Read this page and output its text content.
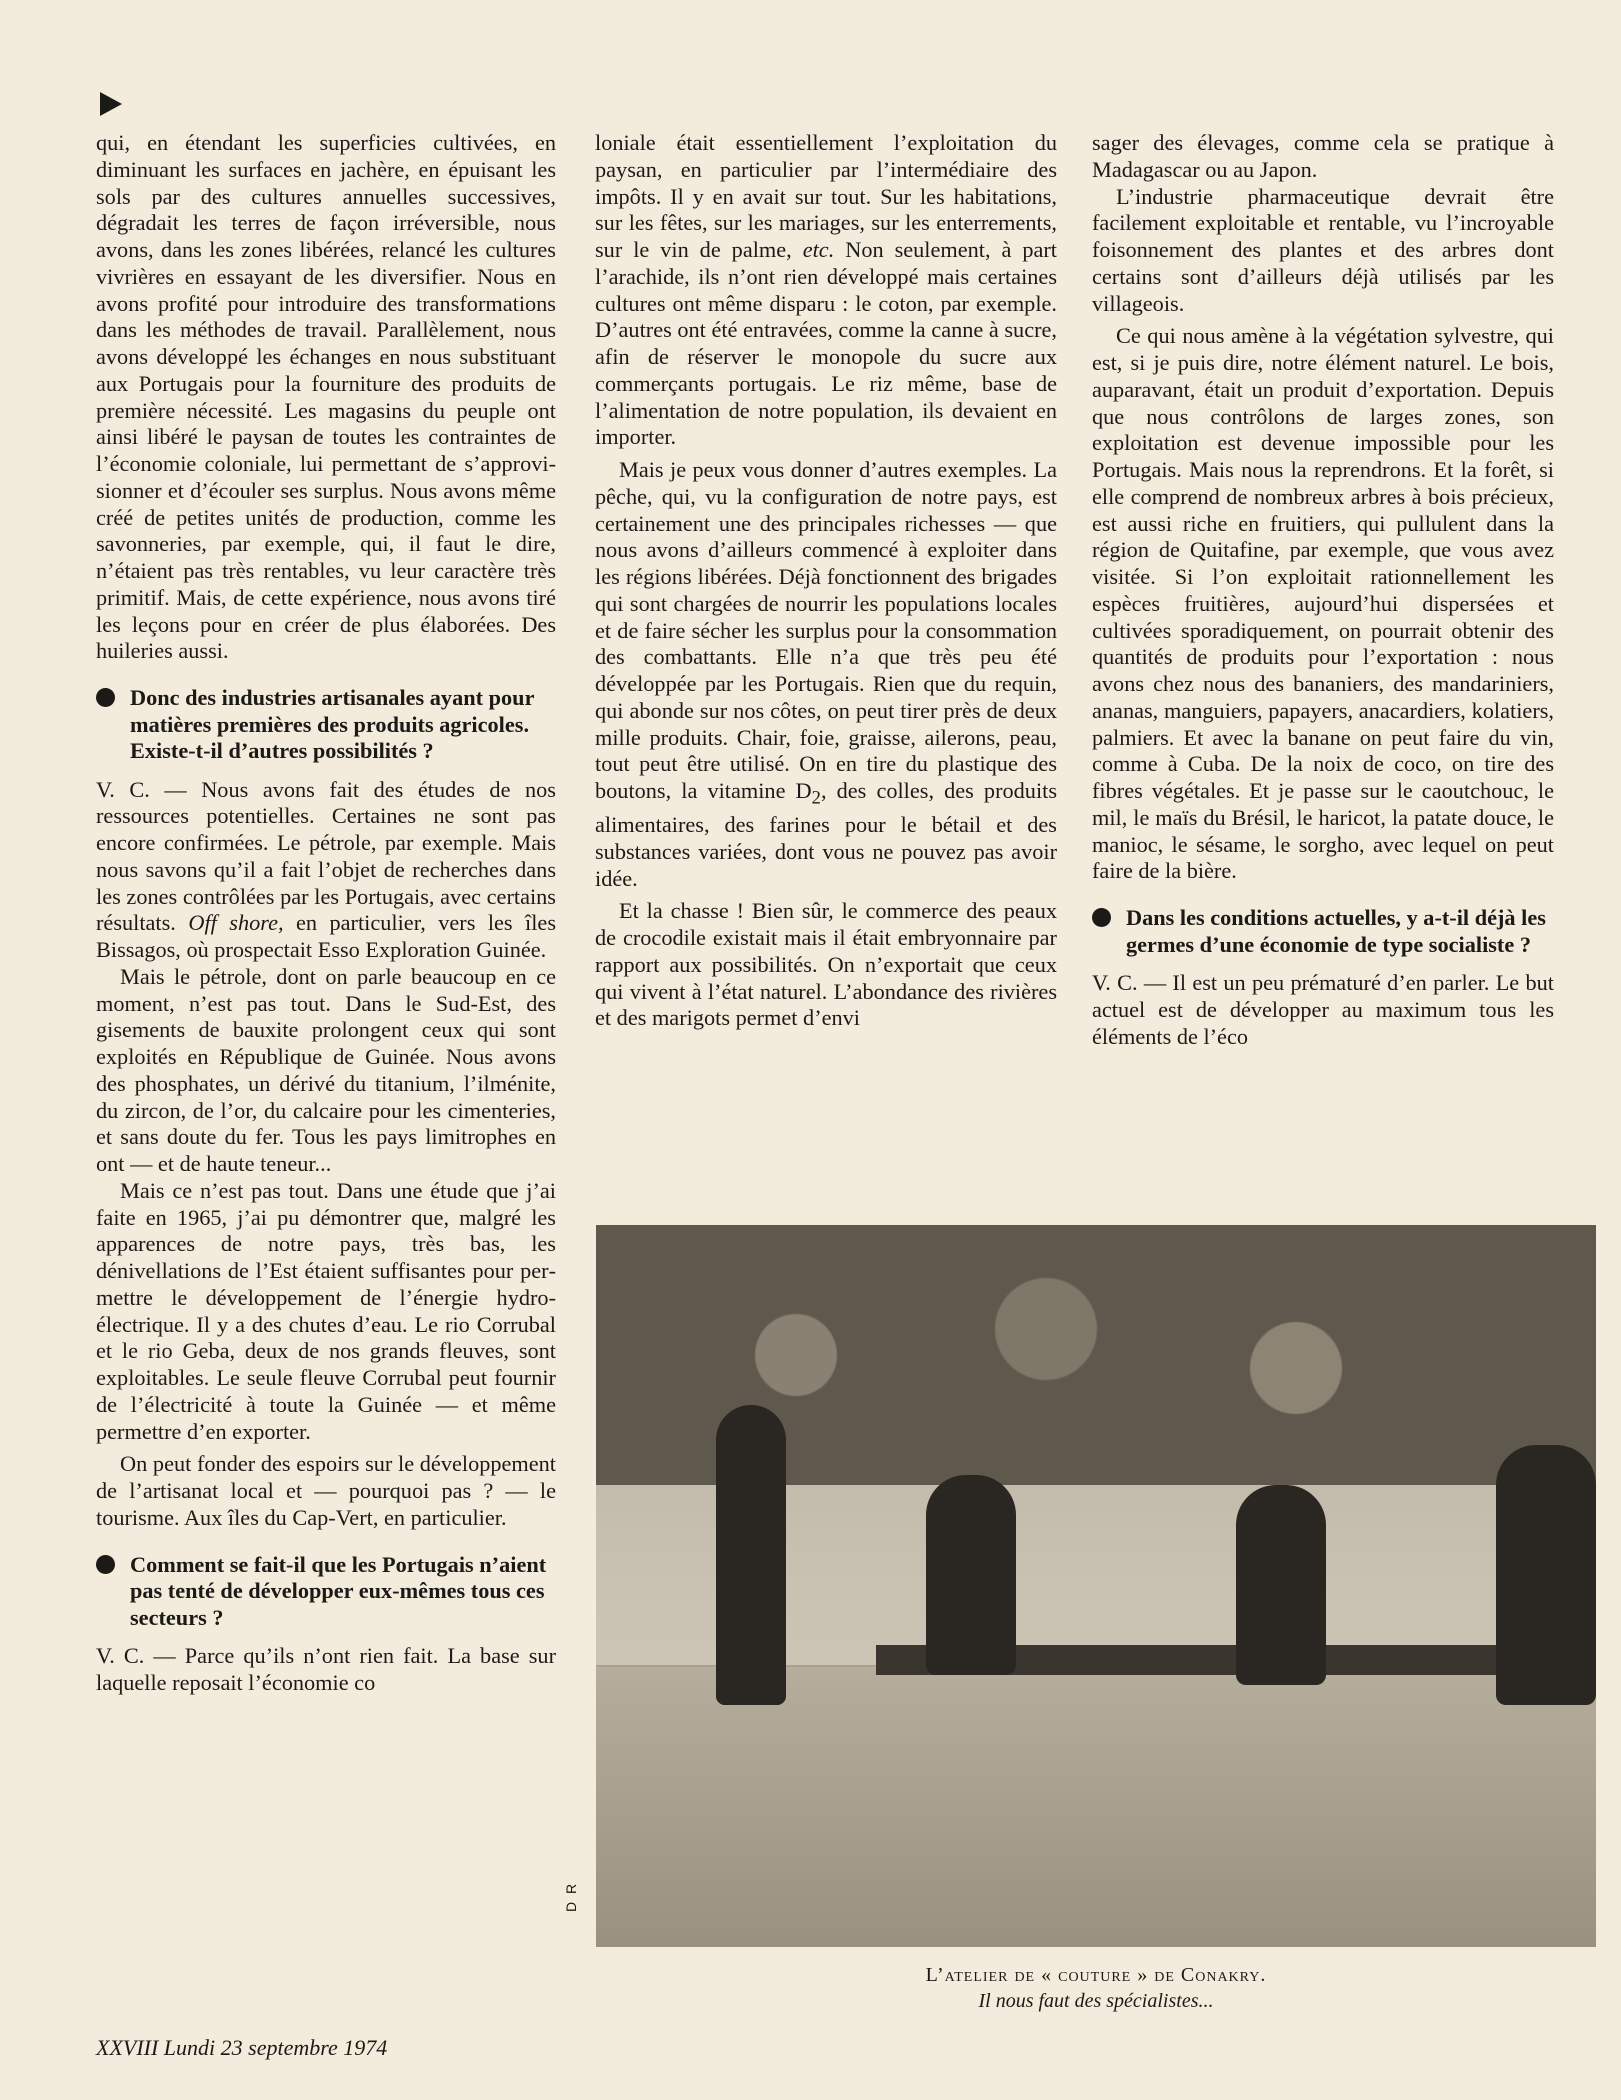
qui, en étendant les superficies cultivées, en diminuant les surfaces en jachère, en épuisant les sols par des cultures annuelles successives, dégradait les terres de façon irréversible, nous avons, dans les zones libérées, relancé les cultures vivrières en essayant de les diversifier. Nous en avons profité pour introduire des transformations dans les méthodes de travail. Parallèlement, nous avons développé les échanges en nous substituant aux Portugais pour la fourniture des produits de première nécessité. Les magasins du peuple ont ainsi libéré le paysan de toutes les contraintes de l’économie coloniale, lui permettant de s’approvisionner et d’écouler ses surplus. Nous avons même créé de petites unités de production, comme les savonneries, par exemple, qui, il faut le dire, n’étaient pas très rentables, vu leur caractère très primitif. Mais, de cette expérience, nous avons tiré les leçons pour en créer de plus élaborées. Des huileries aussi.

Donc des industries artisanales ayant pour matières premières des produits agricoles. Existe-t-il d’autres possibilités ?

V. C. — Nous avons fait des études de nos ressources potentielles. Certaines ne sont pas encore confirmées. Le pétrole, par exemple. Mais nous savons qu’il a fait l’objet de recherches dans les zones contrôlées par les Portugais, avec certains résultats. Off shore, en particulier, vers les îles Bissagos, où prospectait Esso Exploration Guinée.

Mais le pétrole, dont on parle beaucoup en ce moment, n’est pas tout. Dans le Sud-Est, des gisements de bauxite prolongent ceux qui sont exploités en République de Guinée. Nous avons des phosphates, un dérivé du titanium, l’ilménite, du zircon, de l’or, du calcaire pour les cimenteries, et sans doute du fer. Tous les pays limitrophes en ont — et de haute teneur...

Mais ce n’est pas tout. Dans une étude que j’ai faite en 1965, j’ai pu démontrer que, malgré les apparences de notre pays, très bas, les dénivellations de l’Est étaient suffisantes pour permettre le développement de l’énergie hydro-électrique. Il y a des chutes d’eau. Le rio Corrubal et le rio Geba, deux de nos grands fleuves, sont exploitables. Le seule fleuve Corrubal peut fournir de l’électricité à toute la Guinée — et même permettre d’en exporter.

On peut fonder des espoirs sur le développement de l’artisanat local et — pourquoi pas ? — le tourisme. Aux îles du Cap-Vert, en particulier.

Comment se fait-il que les Portugais n’aient pas tenté de développer eux-mêmes tous ces secteurs ?

V. C. — Parce qu’ils n’ont rien fait. La base sur laquelle reposait l’économie co

loniale était essentiellement l’exploitation du paysan, en particulier par l’intermédiaire des impôts. Il y en avait sur tout. Sur les habitations, sur les fêtes, sur les mariages, sur les enterrements, sur le vin de palme, etc. Non seulement, à part l’arachide, ils n’ont rien développé mais certaines cultures ont même disparu : le coton, par exemple. D’autres ont été entravées, comme la canne à sucre, afin de réserver le monopole du sucre aux commerçants portugais. Le riz même, base de l’alimentation de notre population, ils devaient en importer.

Mais je peux vous donner d’autres exemples. La pêche, qui, vu la configuration de notre pays, est certainement une des principales richesses — que nous avons d’ailleurs commencé à exploiter dans les régions libérées. Déjà fonctionnent des brigades qui sont chargées de nourrir les populations locales et de faire sécher les surplus pour la consommation des combattants. Elle n’a que très peu été développée par les Portugais. Rien que du requin, qui abonde sur nos côtes, on peut tirer près de deux mille produits. Chair, foie, graisse, ailerons, peau, tout peut être utilisé. On en tire du plastique des boutons, la vitamine $D_2$, des colles, des produits alimentaires, des farines pour le bétail et des substances variées, dont vous ne pouvez pas avoir idée.

Et la chasse ! Bien sûr, le commerce des peaux de crocodile existait mais il était embryonnaire par rapport aux possibilités. On n’exportait que ceux qui vivent à l’état naturel. L’abondance des rivières et des marigots permet d’envi

sager des élevages, comme cela se pratique à Madagascar ou au Japon.

L’industrie pharmaceutique devrait être facilement exploitable et rentable, vu l’incroyable foisonnement des plantes et des arbres dont certains sont d’ailleurs déjà utilisés par les villageois.

Ce qui nous amène à la végétation sylvestre, qui est, si je puis dire, notre élément naturel. Le bois, auparavant, était un produit d’exportation. Depuis que nous contrôlons de larges zones, son exploitation est devenue impossible pour les Portugais. Mais nous la reprendrons. Et la forêt, si elle comprend de nombreux arbres à bois précieux, est aussi riche en fruitiers, qui pullulent dans la région de Quitafine, par exemple, que vous avez visitée. Si l’on exploitait rationnellement les espèces fruitières, aujourd’hui dispersées et cultivées sporadiquement, on pourrait obtenir des quantités de produits pour l’exportation : nous avons chez nous des bananiers, des mandariniers, ananas, manguiers, papayers, anacardiers, kolatiers, palmiers. Et avec la banane on peut faire du vin, comme à Cuba. De la noix de coco, on tire des fibres végétales. Et je passe sur le caoutchouc, le mil, le maïs du Brésil, le haricot, la patate douce, le manioc, le sésame, le sorgho, avec lequel on peut faire de la bière.

Dans les conditions actuelles, y a-t-il déjà les germes d’une économie de type socialiste ?

V. C. — Il est un peu prématuré d’en parler. Le but actuel est de développer au maximum tous les éléments de l’éco

D R
L’atelier de « couture » de Conakry.
Il nous faut des spécialistes...
XXVIII Lundi 23 septembre 1974
